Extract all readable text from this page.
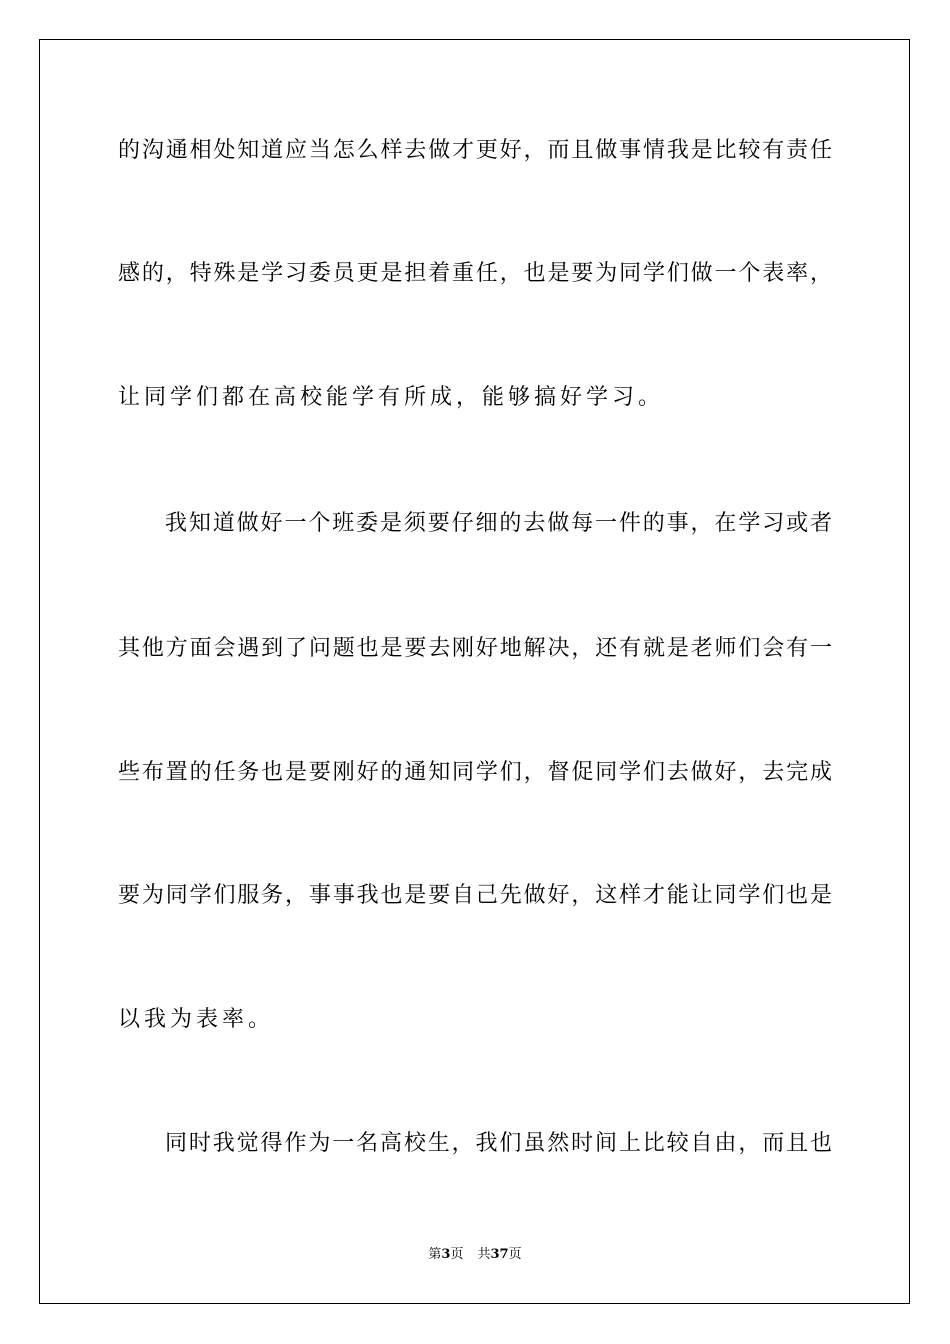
的沟通相处知道应当怎么样去做才更好，而且做事情我是比较有责任
感的，特殊是学习委员更是担着重任，也是要为同学们做一个表率，
让同学们都在高校能学有所成，能够搞好学习。
我知道做好一个班委是须要仔细的去做每一件的事，在学习或者
其他方面会遇到了问题也是要去刚好地解决，还有就是老师们会有一
些布置的任务也是要刚好的通知同学们，督促同学们去做好，去完成
要为同学们服务，事事我也是要自己先做好，这样才能让同学们也是
以我为表率。
同时我觉得作为一名高校生，我们虽然时间上比较自由，而且也
第3页 共37页
